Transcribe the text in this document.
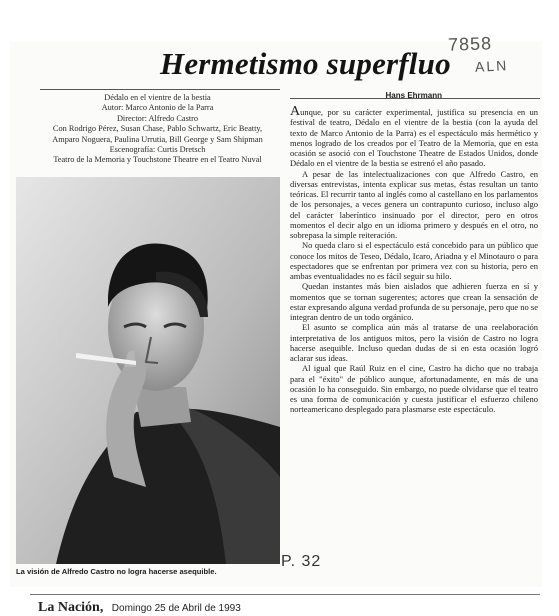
Hermetismo superfluo
Dédalo en el vientre de la bestia
Autor: Marco Antonio de la Parra
Director: Alfredo Castro
Con Rodrigo Pérez, Susan Chase, Pablo Schwartz, Eric Beatty,
Amparo Noguera, Paulina Urrutia, Bill George y Sam Shipman
Escenografía: Curtis Dretsch
Teatro de la Memoria y Touchstone Theatre en el Teatro Nuval
Hans Ehrmann
La visión de Alfredo Castro no logra hacerse asequible.

Aunque, por su carácter experimental, justifica su presencia en un festival de teatro, Dédalo en el vientre de la bestia (con la ayuda del texto de Marco Antonio de la Parra) es el espectáculo más hermético y menos logrado de los creados por el Teatro de la Memoria, que en esta ocasión se asoció con el Touchstone Theatre de Estados Unidos, donde Dédalo en el vientre de la bestia se estrenó el año pasado.

A pesar de las intelectualizaciones con que Alfredo Castro, en diversas entrevistas, intenta explicar sus metas, éstas resultan un tanto teóricas. El recurrir tanto al inglés como al castellano en los parlamentos de los personajes, a veces genera un contrapunto curioso, incluso algo del carácter laberíntico insinuado por el director, pero en otros momentos el decir algo en un idioma primero y después en el otro, no sobrepasa la simple reiteración.

No queda claro si el espectáculo está concebido para un público que conoce los mitos de Teseo, Dédalo, Icaro, Ariadna y el Minotauro o para espectadores que se enfrentan por primera vez con su historia, pero en ambas eventualidades no es fácil seguir su hilo.

Quedan instantes más bien aislados que adhieren fuerza en sí y momentos que se tornan sugerentes; actores que crean la sensación de estar expresando alguna verdad profunda de su personaje, pero que no se integran dentro de un todo orgánico.

El asunto se complica aún más al tratarse de una reelaboración interpretativa de los antiguos mitos, pero la visión de Castro no logra hacerse asequible. Incluso quedan dudas de si en esta ocasión logró aclarar sus ideas.

Al igual que Raúl Ruiz en el cine, Castro ha dicho que no trabaja para el "éxito" de público aunque, afortunadamente, en más de una ocasión lo ha conseguido. Sin embargo, no puede olvidarse que el teatro es una forma de comunicación y cuesta justificar el esfuerzo chileno norteamericano desplegado para plasmarse este espectáculo.

La Nación, Domingo 25 de Abril de 1993
7858
ALN
P. 32
